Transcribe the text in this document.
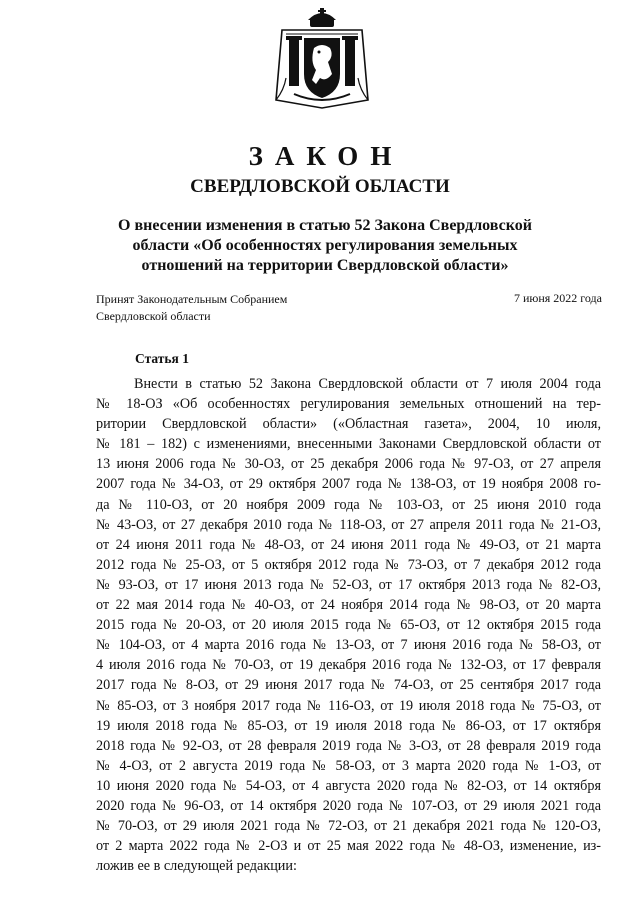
ЗАКОН
СВЕРДЛОВСКОЙ ОБЛАСТИ
О внесении изменения в статью 52 Закона Свердловской
области «Об особенностях регулирования земельных
отношений на территории Свердловской области»
Принят Законодательным Собранием
Свердловской области
7 июня 2022 года
Статья 1
Внести в статью 52 Закона Свердловской области от 7 июля 2004 года
№ 18-ОЗ «Об особенностях регулирования земельных отношений на тер-
ритории Свердловской области» («Областная газета», 2004, 10 июля,
№ 181 – 182) с изменениями, внесенными Законами Свердловской области от
13 июня 2006 года № 30-ОЗ, от 25 декабря 2006 года № 97-ОЗ, от 27 апреля
2007 года № 34-ОЗ, от 29 октября 2007 года № 138-ОЗ, от 19 ноября 2008 го-
да № 110-ОЗ, от 20 ноября 2009 года № 103-ОЗ, от 25 июня 2010 года
№ 43-ОЗ, от 27 декабря 2010 года № 118-ОЗ, от 27 апреля 2011 года № 21-ОЗ,
от 24 июня 2011 года № 48-ОЗ, от 24 июня 2011 года № 49-ОЗ, от 21 марта
2012 года № 25-ОЗ, от 5 октября 2012 года № 73-ОЗ, от 7 декабря 2012 года
№ 93-ОЗ, от 17 июня 2013 года № 52-ОЗ, от 17 октября 2013 года № 82-ОЗ,
от 22 мая 2014 года № 40-ОЗ, от 24 ноября 2014 года № 98-ОЗ, от 20 марта
2015 года № 20-ОЗ, от 20 июля 2015 года № 65-ОЗ, от 12 октября 2015 года
№ 104-ОЗ, от 4 марта 2016 года № 13-ОЗ, от 7 июня 2016 года № 58-ОЗ, от
4 июля 2016 года № 70-ОЗ, от 19 декабря 2016 года № 132-ОЗ, от 17 февраля
2017 года № 8-ОЗ, от 29 июня 2017 года № 74-ОЗ, от 25 сентября 2017 года
№ 85-ОЗ, от 3 ноября 2017 года № 116-ОЗ, от 19 июля 2018 года № 75-ОЗ, от
19 июля 2018 года № 85-ОЗ, от 19 июля 2018 года № 86-ОЗ, от 17 октября
2018 года № 92-ОЗ, от 28 февраля 2019 года № 3-ОЗ, от 28 февраля 2019 года
№ 4-ОЗ, от 2 августа 2019 года № 58-ОЗ, от 3 марта 2020 года № 1-ОЗ, от
10 июня 2020 года № 54-ОЗ, от 4 августа 2020 года № 82-ОЗ, от 14 октября
2020 года № 96-ОЗ, от 14 октября 2020 года № 107-ОЗ, от 29 июля 2021 года
№ 70-ОЗ, от 29 июля 2021 года № 72-ОЗ, от 21 декабря 2021 года № 120-ОЗ,
от 2 марта 2022 года № 2-ОЗ и от 25 мая 2022 года № 48-ОЗ, изменение, из-
ложив ее в следующей редакции:
